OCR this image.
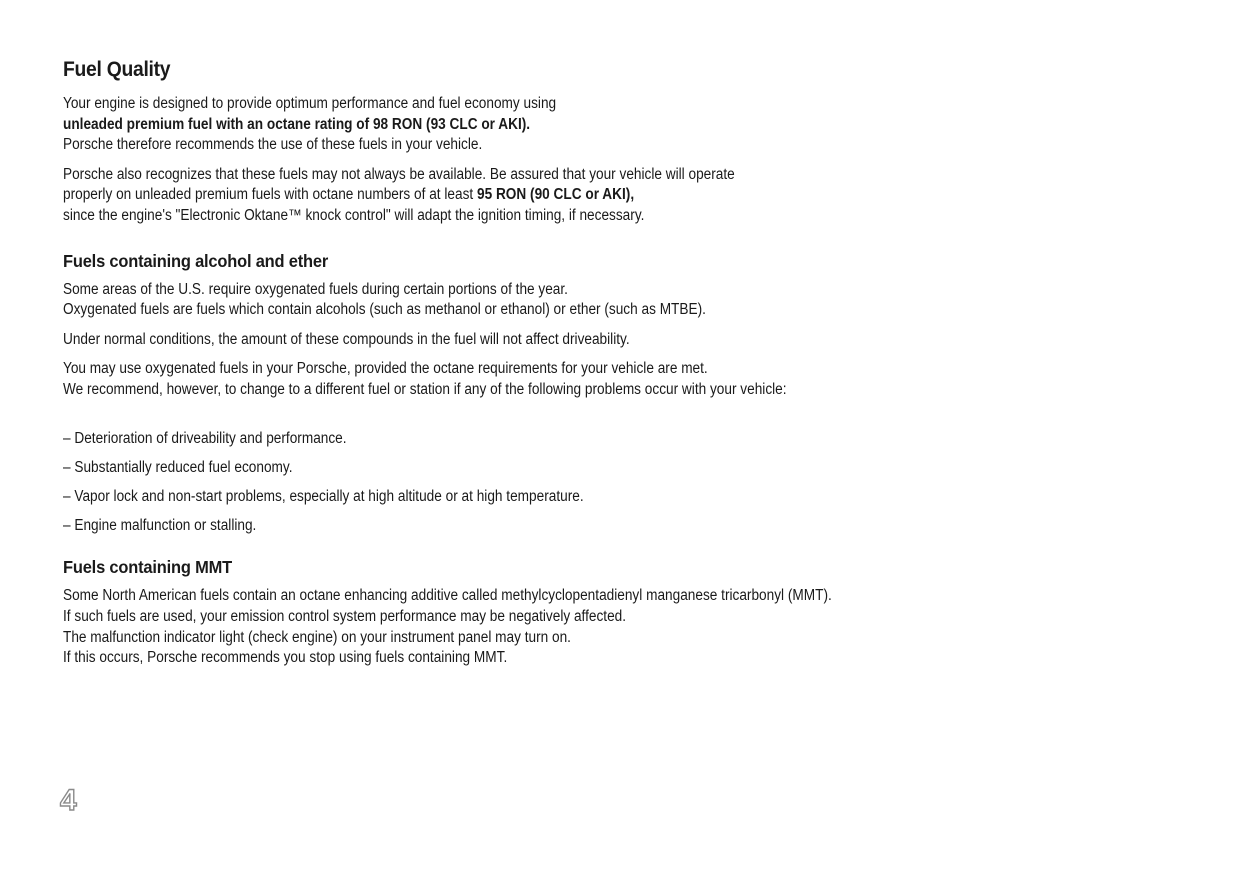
Fuel Quality
Your engine is designed to provide optimum performance and fuel economy using
unleaded premium fuel with an octane rating of 98 RON (93 CLC or AKI).
Porsche therefore recommends the use of these fuels in your vehicle.
Porsche also recognizes that these fuels may not always be available. Be assured that your vehicle will operate
properly on unleaded premium fuels with octane numbers of at least 95 RON (90 CLC or AKI),
since the engine's "Electronic Oktane™ knock control" will adapt the ignition timing, if necessary.
Fuels containing alcohol and ether
Some areas of the U.S. require oxygenated fuels during certain portions of the year.
Oxygenated fuels are fuels which contain alcohols (such as methanol or ethanol) or ether (such as MTBE).
Under normal conditions, the amount of these compounds in the fuel will not affect driveability.
You may use oxygenated fuels in your Porsche, provided the octane requirements for your vehicle are met.
We recommend, however, to change to a different fuel or station if any of the following problems occur with your vehicle:
– Deterioration of driveability and performance.
– Substantially reduced fuel economy.
– Vapor lock and non-start problems, especially at high altitude or at high temperature.
– Engine malfunction or stalling.
Fuels containing MMT
Some North American fuels contain an octane enhancing additive called methylcyclopentadienyl manganese tricarbonyl (MMT).
If such fuels are used, your emission control system performance may be negatively affected.
The malfunction indicator light (check engine) on your instrument panel may turn on.
If this occurs, Porsche recommends you stop using fuels containing MMT.
4
